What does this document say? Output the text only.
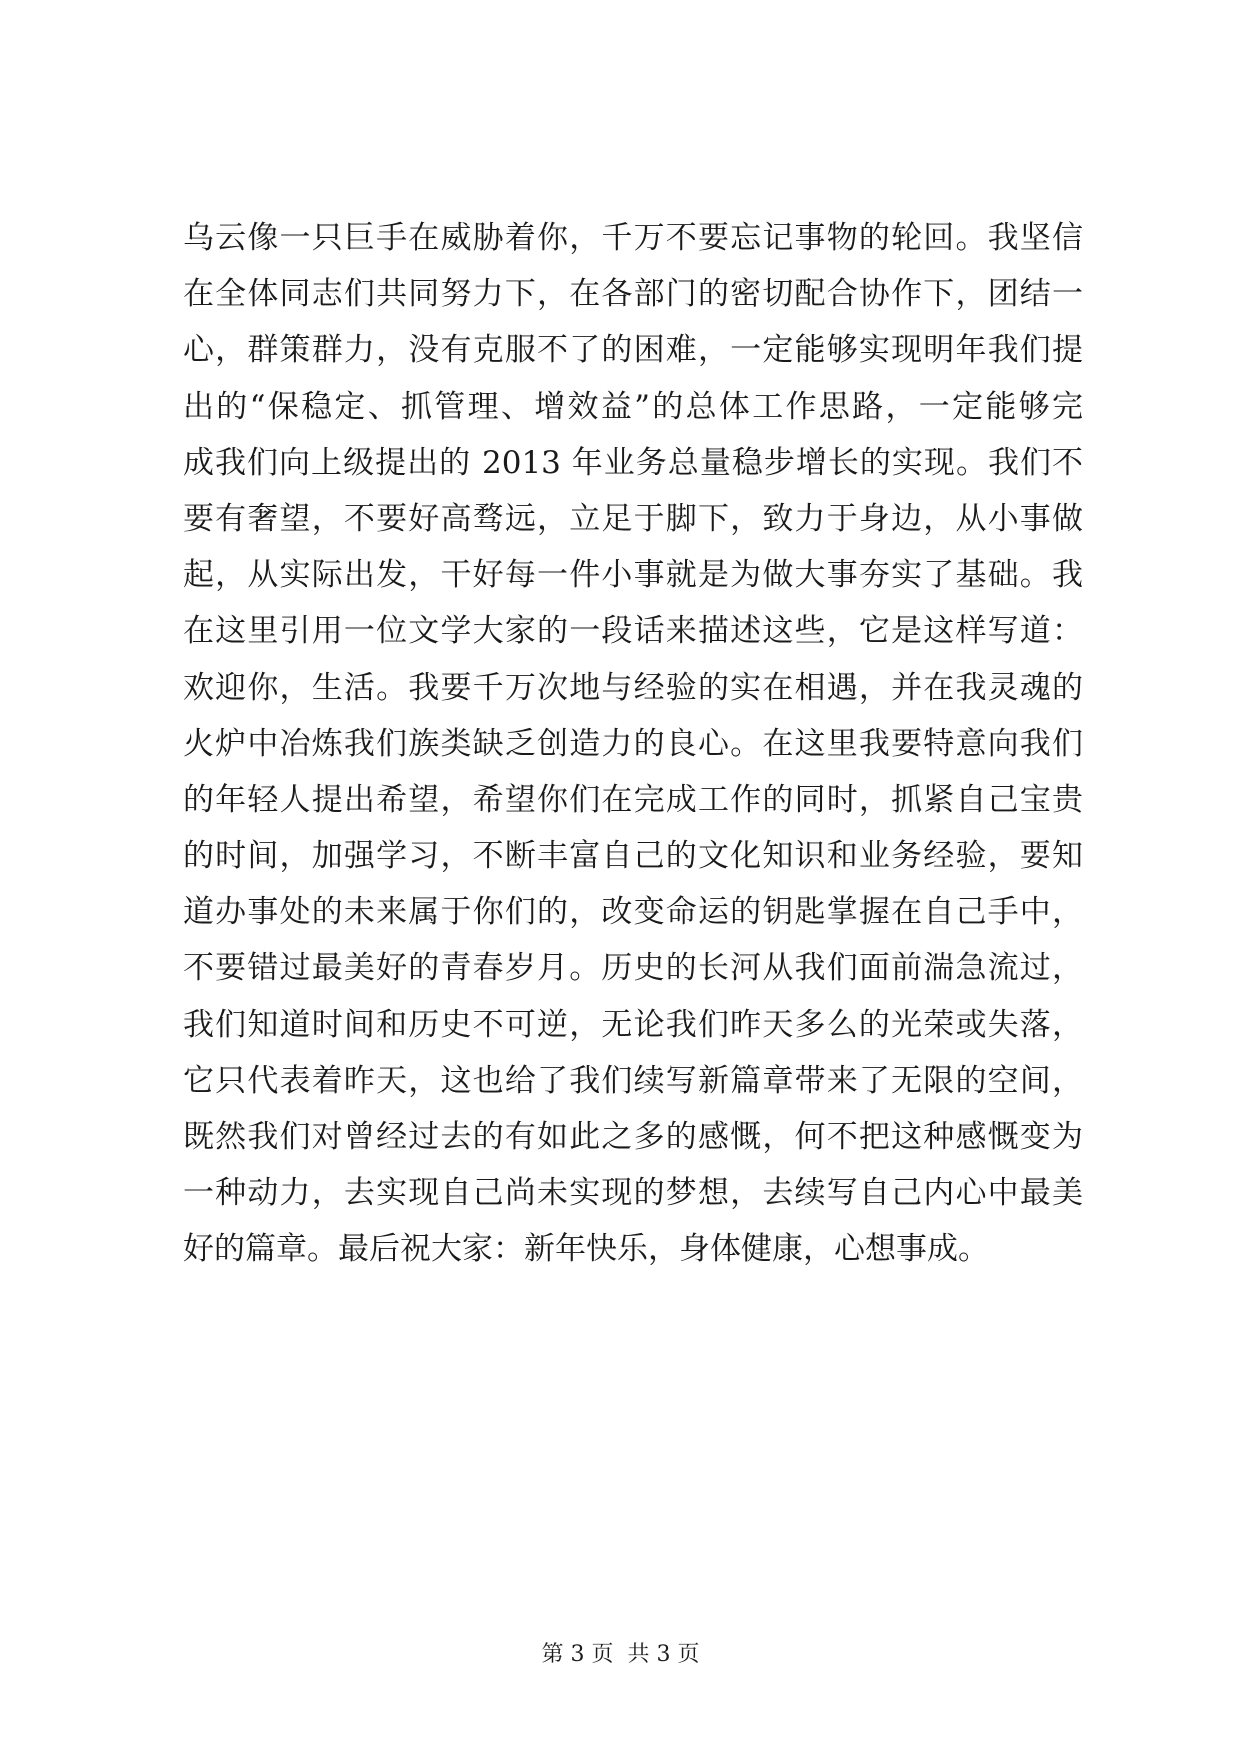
乌云像一只巨手在威胁着你，千万不要忘记事物的轮回。我坚信
在全体同志们共同努力下，在各部门的密切配合协作下，团结一
心，群策群力，没有克服不了的困难，一定能够实现明年我们提
出的“保稳定、抓管理、增效益”的总体工作思路，一定能够完
成我们向上级提出的 2013 年业务总量稳步增长的实现。我们不
要有奢望，不要好高骛远，立足于脚下，致力于身边，从小事做
起，从实际出发，干好每一件小事就是为做大事夯实了基础。我
在这里引用一位文学大家的一段话来描述这些，它是这样写道：
欢迎你，生活。我要千万次地与经验的实在相遇，并在我灵魂的
火炉中冶炼我们族类缺乏创造力的良心。在这里我要特意向我们
的年轻人提出希望，希望你们在完成工作的同时，抓紧自己宝贵
的时间，加强学习，不断丰富自己的文化知识和业务经验，要知
道办事处的未来属于你们的，改变命运的钥匙掌握在自己手中，
不要错过最美好的青春岁月。历史的长河从我们面前湍急流过，
我们知道时间和历史不可逆，无论我们昨天多么的光荣或失落，
它只代表着昨天，这也给了我们续写新篇章带来了无限的空间，
既然我们对曾经过去的有如此之多的感慨，何不把这种感慨变为
一种动力，去实现自己尚未实现的梦想，去续写自己内心中最美
好的篇章。最后祝大家：新年快乐，身体健康，心想事成。
第 3 页  共 3 页
